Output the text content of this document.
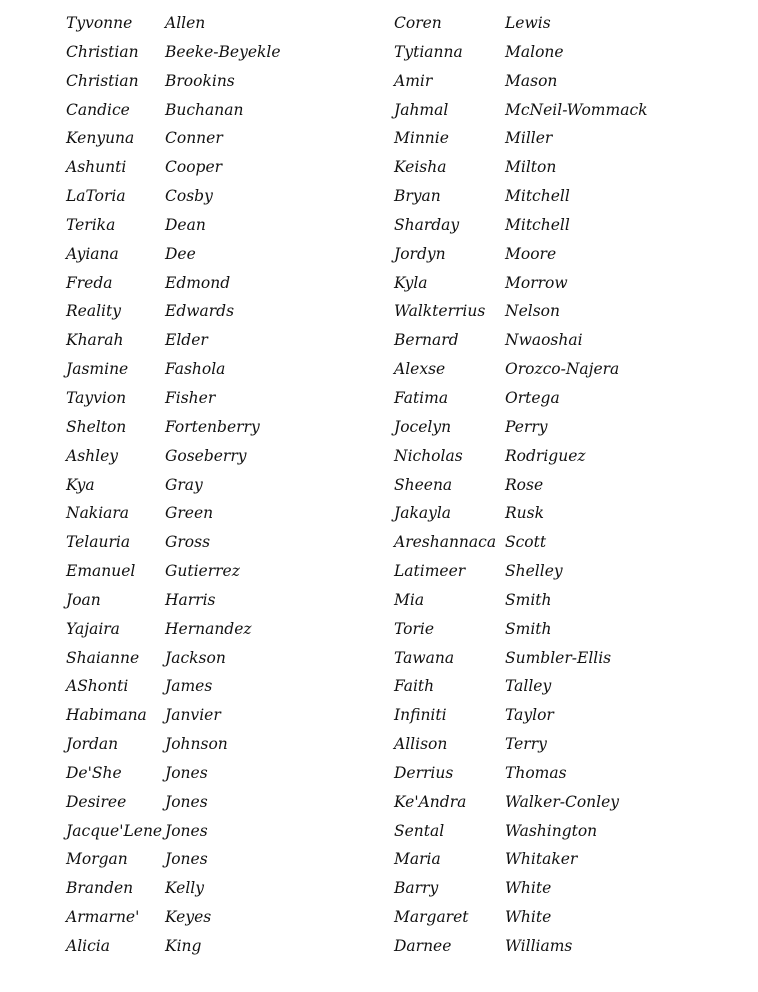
Tyvonne Allen
Christian Beeke-Beyekle
Christian Brookins
Candice Buchanan
Kenyuna Conner
Ashunti Cooper
LaToria	Cosby
Terika	Dean
Ayiana	Dee
Freda	Edmond
Reality	Edwards
Kharah	Elder
Jasmine Fashola
Tayvion	Fisher
Shelton Fortenberry
Ashley	Goseberry
Kya	Gray
Nakiara Green
Telauria Gross
Emanuel Gutierrez
Joan	Harris
Yajaira	Hernandez
Shaianne Jackson
AShonti James
Habimana Janvier
Jordan	Johnson
De'She	Jones
Desiree Jones
Jacque'Lene Jones
Morgan Jones
Branden Kelly
Armarne' Keyes
Alicia	King
Coren	Lewis
Tytianna	Malone
Amir	Mason
Jahmal	McNeil-Wommack
Minnie	Miller
Keisha	Milton
Bryan	Mitchell
Sharday	Mitchell
Jordyn	Moore
Kyla	Morrow
Walkterrius Nelson
Bernard	Nwaoshai
Alexse	Orozco-Najera
Fatima	Ortega
Jocelyn	Perry
Nicholas	Rodriguez
Sheena	Rose
Jakayla	Rusk
Areshannaca Scott
Latimeer	Shelley
Mia	Smith
Torie	Smith
Tawana	Sumbler-Ellis
Faith	Talley
Infiniti	Taylor
Allison	Terry
Derrius	Thomas
Ke'Andra Walker-Conley
Sental	Washington
Maria	Whitaker
Barry	White
Margaret White
Darnee	Williams
